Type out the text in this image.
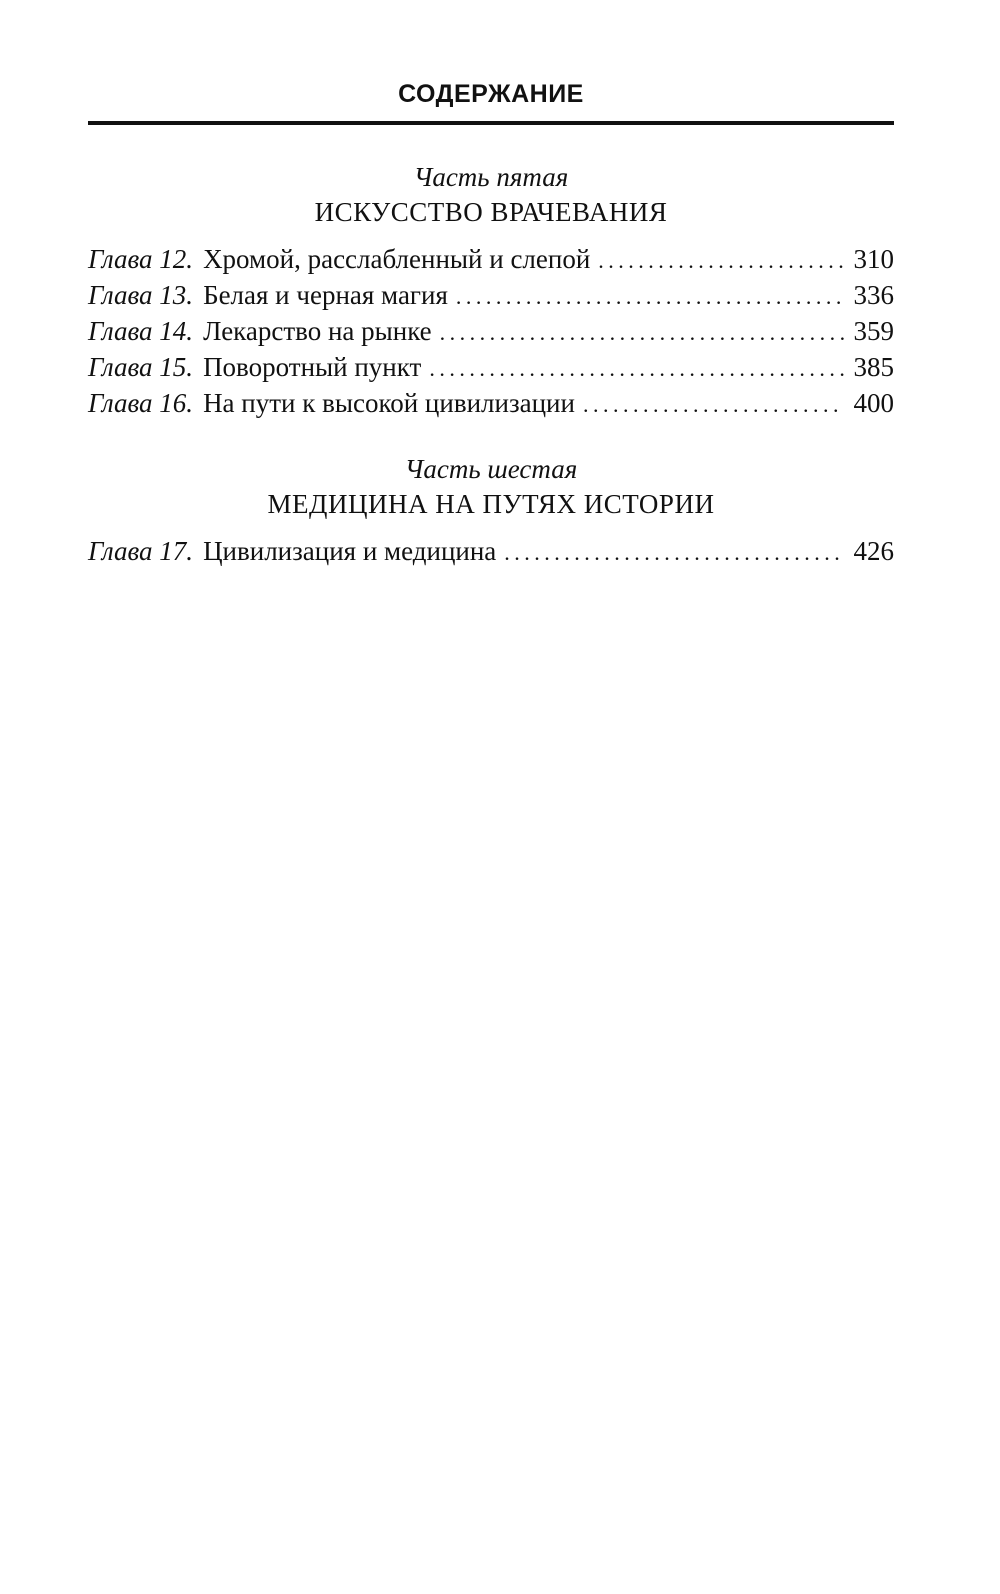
СОДЕРЖАНИЕ
Часть пятая
ИСКУССТВО ВРАЧЕВАНИЯ
Глава 12. Хромой, расслабленный и слепой . . .	310
Глава 13. Белая и черная магия . . .	336
Глава 14. Лекарство на рынке . . .	359
Глава 15. Поворотный пункт . . .	385
Глава 16. На пути к высокой цивилизации . . .	400
Часть шестая
МЕДИЦИНА НА ПУТЯХ ИСТОРИИ
Глава 17. Цивилизация и медицина . . .	426
